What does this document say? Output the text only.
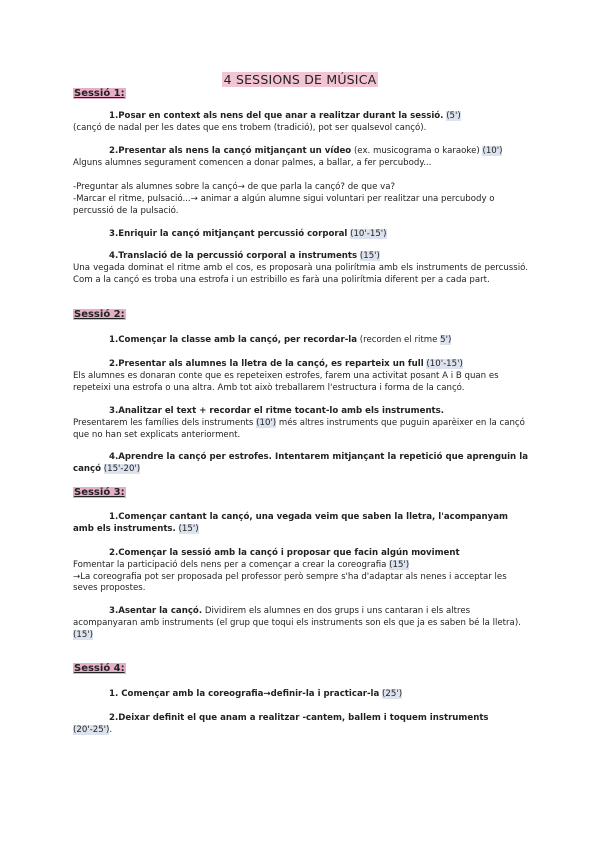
4 SESSIONS DE MÚSICA
Sessió 1:

1.Posar en context als nens del que anar a realitzar durant la sessió. (5')

(cançó de nadal per les dates que ens trobem (tradició), pot ser qualsevol cançó).

2.Presentar als nens la cançó mitjançant un vídeo (ex. musicograma o karaoke) (10')

Alguns alumnes segurament comencen a donar palmes, a ballar, a fer percubody...

-Preguntar als alumnes sobre la cançó→ de que parla la cançó? de que va?

-Marcar el ritme, pulsació...→ animar a algún alumne sigui voluntari per realitzar una percubody o percussió de la pulsació.

3.Enriquir la cançó mitjançant percussió corporal (10'-15')

4.Translació de la percussió corporal a instruments (15')

Una vegada dominat el ritme amb el cos, es proposarà una polirítmia amb els instruments de percussió. Com a la cançó es troba una estrofa i un estribillo es farà una polirítmia diferent per a cada part.

Sessió 2:

1.Començar la classe amb la cançó, per recordar-la (recorden el ritme 5')

2.Presentar als alumnes la lletra de la cançó, es reparteix un full (10'-15')

Els alumnes es donaran conte que es repeteixen estrofes, farem una activitat posant A i B quan es repeteixi una estrofa o una altra. Amb tot això treballarem l'estructura i forma de la cançó.

3.Analitzar el text + recordar el ritme tocant-lo amb els instruments.

Presentarem les famílies dels instruments (10') més altres instruments que puguin aparèixer en la cançó que no han set explicats anteriorment.

4.Aprendre la cançó per estrofes. Intentarem mitjançant la repetició que aprenguin la cançó (15'-20')

Sessió 3:

1.Començar cantant la cançó, una vegada veim que saben la lletra, l'acompanyam amb els instruments. (15')

2.Començar la sessió amb la cançó i proposar que facin algún moviment

Fomentar la participació dels nens per a començar a crear la coreografia (15')

→La coreografia pot ser proposada pel professor però sempre s'ha d'adaptar als nenes i acceptar les seves propostes.

3.Asentar la cançó. Dividirem els alumnes en dos grups i uns cantaran i els altres acompanyaran amb instruments (el grup que toqui els instruments son els que ja es saben bé la lletra). (15')

Sessió 4:

1. Començar amb la coreografia→definir-la i practicar-la (25')

2.Deixar definit el que anam a realitzar -cantem, ballem i toquem instruments (20'-25').
